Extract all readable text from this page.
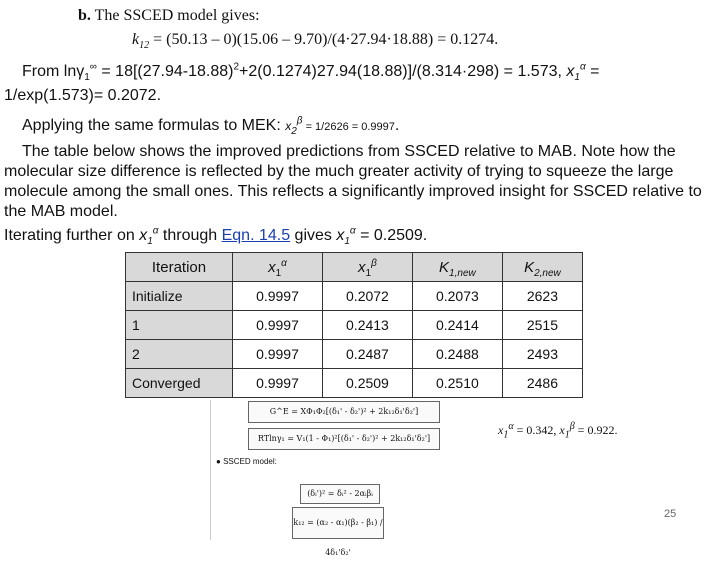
b. The SSCED model gives:
$k_{12} = (50.13 - 0)(15.06 - 9.70)/(4\cdot 27.94\cdot 18.88) = 0.1274$.
From $\ln\gamma_1^\infty = 18[(27.94-18.88)^2+2(0.1274)27.94(18.88)]/(8.314\cdot 298) = 1.573$, $x_1^\alpha$ =
1/exp(1.573)= 0.2072.
Applying the same formulas to MEK: $x_2^\beta = 1/2626 = 0.9997$.
The table below shows the improved predictions from SSCED relative to MAB. Note how the
molecular size difference is reflected by the much greater activity of trying to squeeze the large
molecule among the small ones. This reflects a significantly improved insight for SSCED relative to
the MAB model.
Iterating further on $x_1^\alpha$ through Eqn. 14.5 gives $x_1^\alpha = 0.2509$.
Iteration	$x_1^\alpha$	$x_1^\beta$	$K_{1,new}$	$K_{2,new}$
Initialize	0.9997	0.2072	0.2073	2623
1	0.9997	0.2413	0.2414	2515
2	0.9997	0.2487	0.2488	2493
Converged	0.9997	0.2509	0.2510	2486
G^E = XΦ₁Φ₂[(δ₁' - δ₂')² + 2k₁₂δ₁'δ₂']
RTlnγ₁ = V₁(1 - Φ₁)²[(δ₁' - δ₂')² + 2k₁₂δ₁'δ₂']
● SSCED model:
(δᵢ')² = δᵢ² - 2αᵢβᵢ
k₁₂ = (α₂ - α₁)(β₂ - β₁) / 4δ₁'δ₂'
$x_1^\alpha = 0.342$, $x_1^\beta = 0.922$.
25
